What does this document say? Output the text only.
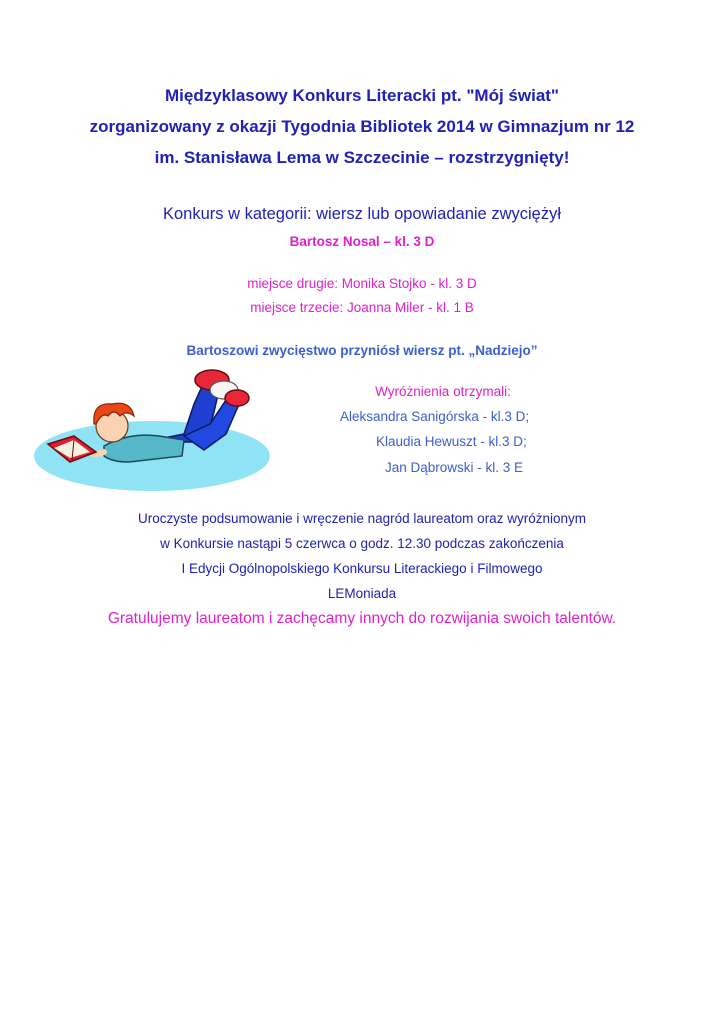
Międzyklasowy Konkurs Literacki pt. "Mój świat"
zorganizowany z okazji Tygodnia Bibliotek 2014 w Gimnazjum nr 12
im. Stanisława Lema w Szczecinie – rozstrzygnięty!
Konkurs w kategorii: wiersz lub opowiadanie zwyciężył
Bartosz Nosal – kl. 3 D
miejsce drugie: Monika Stojko - kl. 3 D
miejsce trzecie: Joanna Miler - kl. 1 B
Bartoszowi zwycięstwo przyniósł wiersz pt. „Nadziejo”
Wyróżnienia otrzymali:
Aleksandra Sanigórska - kl.3 D;
Klaudia Hewuszt - kl.3 D;
Jan Dąbrowski - kl. 3 E
Uroczyste podsumowanie i wręczenie nagród laureatom oraz wyróżnionym
w Konkursie nastąpi 5 czerwca o godz. 12.30 podczas zakończenia
I Edycji Ogólnopolskiego Konkursu Literackiego i Filmowego
LEMoniada
Gratulujemy laureatom i zachęcamy innych do rozwijania swoich talentów.
